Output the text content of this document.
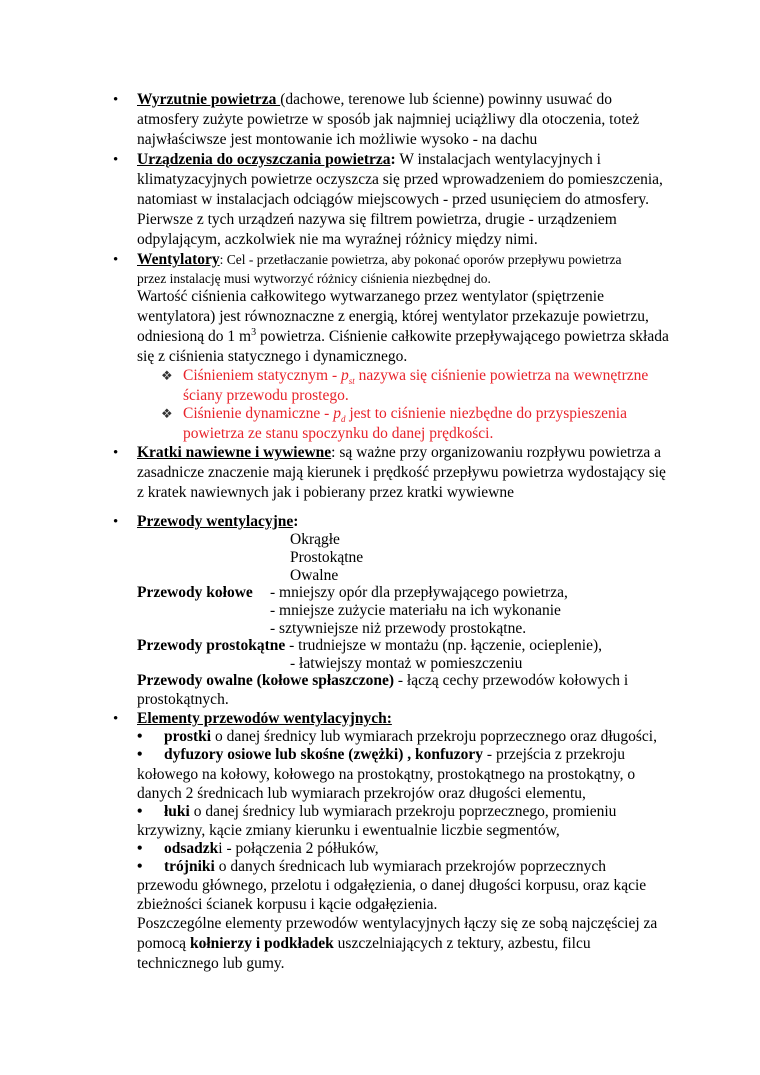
• Wyrzutnie powietrza (dachowe, terenowe lub ścienne) powinny usuwać do
atmosfery zużyte powietrze w sposób jak najmniej uciążliwy dla otoczenia, toteż
najwłaściwsze jest montowanie ich możliwie wysoko - na dachu
• Urządzenia do oczyszczania powietrza: W instalacjach wentylacyjnych i
klimatyzacyjnych powietrze oczyszcza się przed wprowadzeniem do pomieszczenia,
natomiast w instalacjach odciągów miejscowych - przed usunięciem do atmosfery.
Pierwsze z tych urządzeń nazywa się filtrem powietrza, drugie - urządzeniem
odpylającym, aczkolwiek nie ma wyraźnej różnicy między nimi.
• Wentylatory: Cel - przetłaczanie powietrza, aby pokonać oporów przepływu powietrza
przez instalację musi wytworzyć różnicy ciśnienia niezbędnej do.
Wartość ciśnienia całkowitego wytwarzanego przez wentylator (spiętrzenie
wentylatora) jest równoznaczne z energią, której wentylator przekazuje powietrzu,
odniesioną do 1 $m^3$ powietrza. Ciśnienie całkowite przepływającego powietrza składa
się z ciśnienia statycznego i dynamicznego.
❖ Ciśnieniem statycznym - $p_{st}$ nazywa się ciśnienie powietrza na wewnętrzne
ściany przewodu prostego.
❖ Ciśnienie dynamiczne - $p_d$ jest to ciśnienie niezbędne do przyspieszenia
powietrza ze stanu spoczynku do danej prędkości.
• Kratki nawiewne i wywiewne: są ważne przy organizowaniu rozpływu powietrza a
zasadnicze znaczenie mają kierunek i prędkość przepływu powietrza wydostający się
z kratek nawiewnych jak i pobierany przez kratki wywiewne
• Przewody wentylacyjne:
Okrągłe
Prostokątne
Owalne
Przewody kołowe - mniejszy opór dla przepływającego powietrza,
- mniejsze zużycie materiału na ich wykonanie
- sztywniejsze niż przewody prostokątne.
Przewody prostokątne - trudniejsze w montażu (np. łączenie, ocieplenie),
- łatwiejszy montaż w pomieszczeniu
Przewody owalne (kołowe spłaszczone) - łączą cechy przewodów kołowych i
prostokątnych.
• Elementy przewodów wentylacyjnych:
• prostki o danej średnicy lub wymiarach przekroju poprzecznego oraz długości,
• dyfuzory osiowe lub skośne (zwężki) , konfuzory - przejścia z przekroju
kołowego na kołowy, kołowego na prostokątny, prostokątnego na prostokątny, o
danych 2 średnicach lub wymiarach przekrojów oraz długości elementu,
• łuki o danej średnicy lub wymiarach przekroju poprzecznego, promieniu
krzywizny, kącie zmiany kierunku i ewentualnie liczbie segmentów,
• odsadzki - połączenia 2 półłuków,
• trójniki o danych średnicach lub wymiarach przekrojów poprzecznych
przewodu głównego, przelotu i odgałęzienia, o danej długości korpusu, oraz kącie
zbieżności ścianek korpusu i kącie odgałęzienia.
Poszczególne elementy przewodów wentylacyjnych łączy się ze sobą najczęściej za
pomocą kołnierzy i podkładek uszczelniających z tektury, azbestu, filcu
technicznego lub gumy.
